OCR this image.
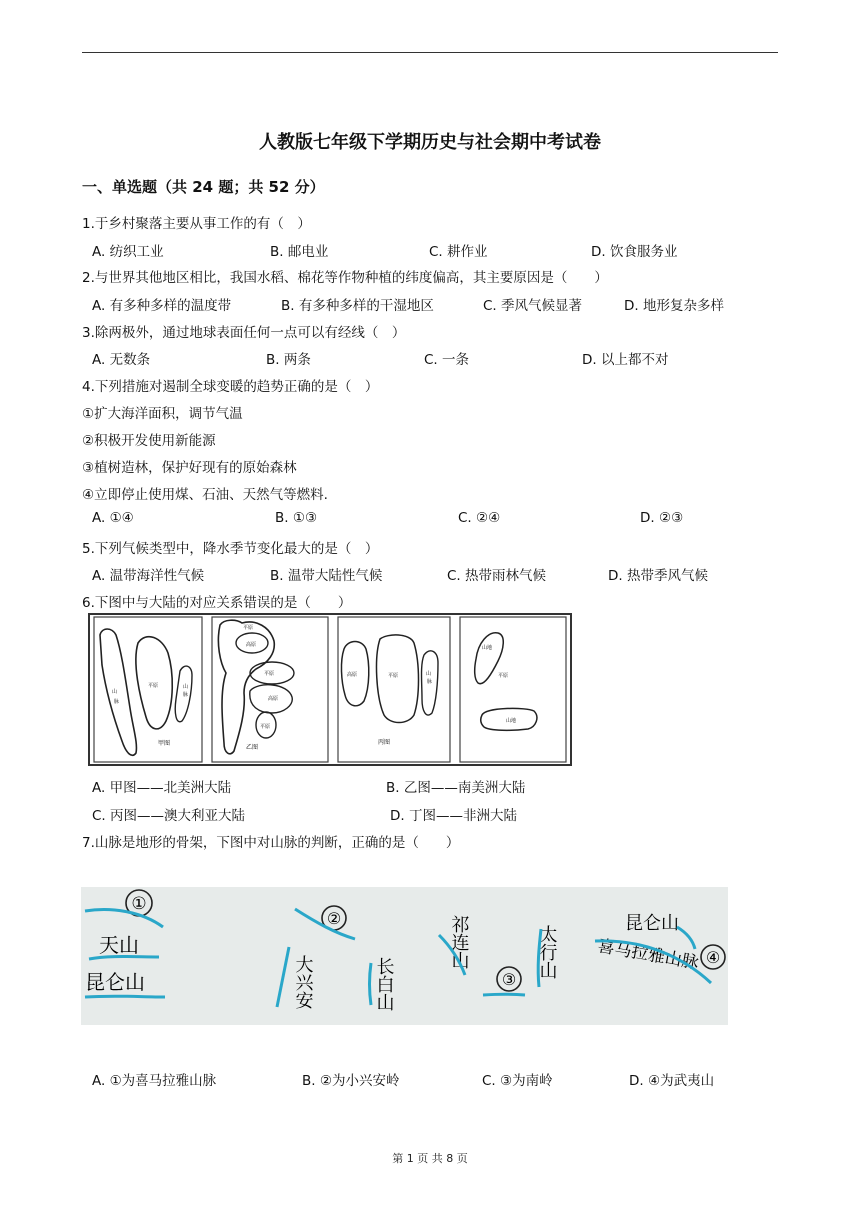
人教版七年级下学期历史与社会期中考试卷
一、单选题（共 24 题；共 52 分）
1.于乡村聚落主要从事工作的有（　）
A. 纺织工业	B. 邮电业	C. 耕作业	D. 饮食服务业
2.与世界其他地区相比，我国水稻、棉花等作物种植的纬度偏高，其主要原因是（　　）
A. 有多种多样的温度带	B. 有多种多样的干湿地区	C. 季风气候显著	D. 地形复杂多样
3.除两极外，通过地球表面任何一点可以有经线（　）
A. 无数条	B. 两条	C. 一条	D. 以上都不对
4.下列措施对遏制全球变暖的趋势正确的是（　）
①扩大海洋面积，调节气温
②积极开发使用新能源
③植树造林，保护好现有的原始森林
④立即停止使用煤、石油、天然气等燃料.
A. ①④	B. ①③	C. ②④	D. ②③
5.下列气候类型中，降水季节变化最大的是（　）
A. 温带海洋性气候	B. 温带大陆性气候	C. 热带雨林气候	D. 热带季风气候
6.下图中与大陆的对应关系错误的是（　　）
山
脉
平原	山
脉
甲图
平原
高原
平原
高原
平原
乙图
高原	平原	山
脉
丙图
山地
平原
山地
A. 甲图——北美洲大陆	B. 乙图——南美洲大陆
C. 丙图——澳大利亚大陆	D. 丁图——非洲大陆
7.山脉是地形的骨架，下图中对山脉的判断，正确的是（　　）
①
天山
昆仑山
②
大兴安	长白山
祁连山
③
太行山
昆仑山
喜马拉雅山脉 ④
A. ①为喜马拉雅山脉	B. ②为小兴安岭	C. ③为南岭	D. ④为武夷山
第 1 页 共 8 页
